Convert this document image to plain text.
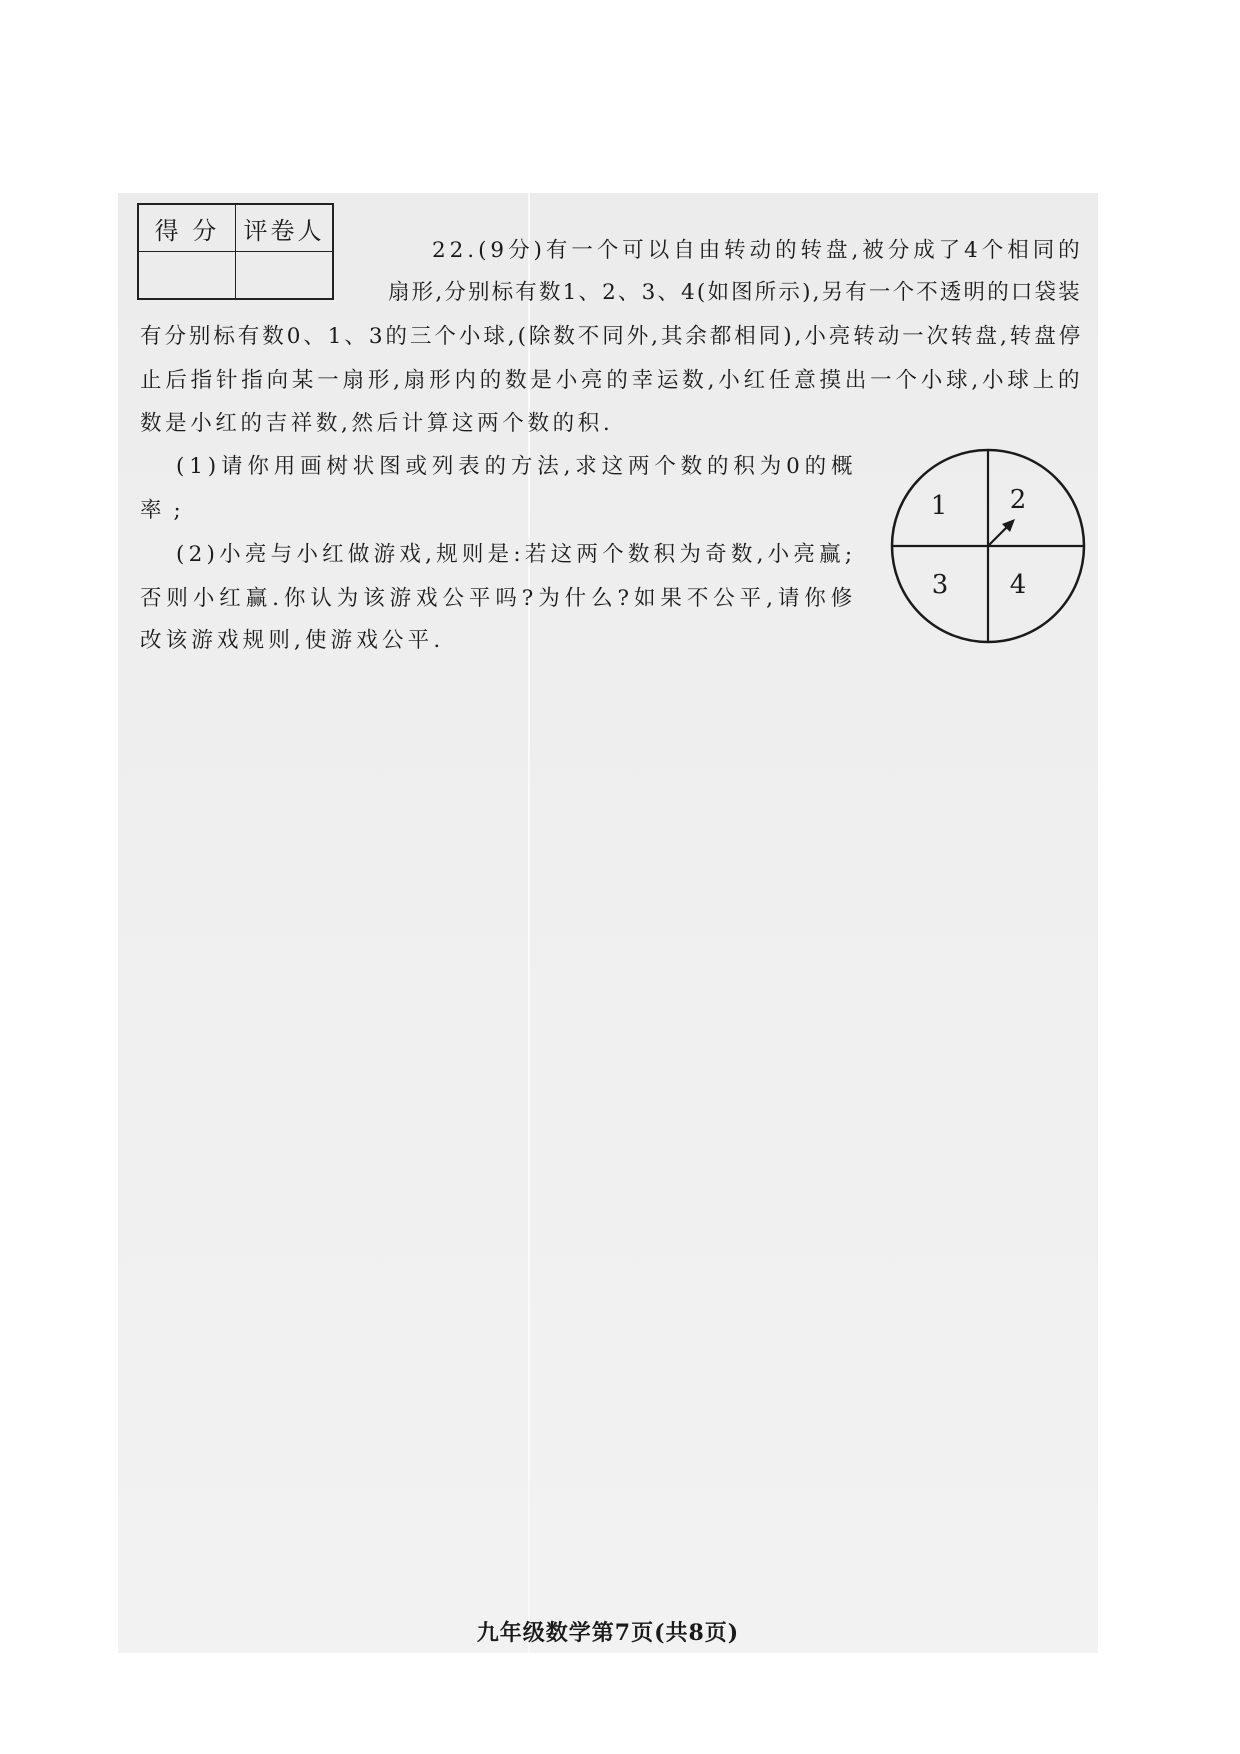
得 分	评卷人

22.(9分)有一个可以自由转动的转盘,被分成了4个相同的
扇形,分别标有数1、2、3、4(如图所示),另有一个不透明的口袋装
有分别标有数0、1、3的三个小球,(除数不同外,其余都相同),小亮转动一次转盘,转盘停
止后指针指向某一扇形,扇形内的数是小亮的幸运数,小红任意摸出一个小球,小球上的
数是小红的吉祥数,然后计算这两个数的积.
(1)请你用画树状图或列表的方法,求这两个数的积为0的概
率;
(2)小亮与小红做游戏,规则是:若这两个数积为奇数,小亮赢;
否则小红赢.你认为该游戏公平吗?为什么?如果不公平,请你修
改该游戏规则,使游戏公平.
1 2
3 4
九年级数学第7页(共8页)
